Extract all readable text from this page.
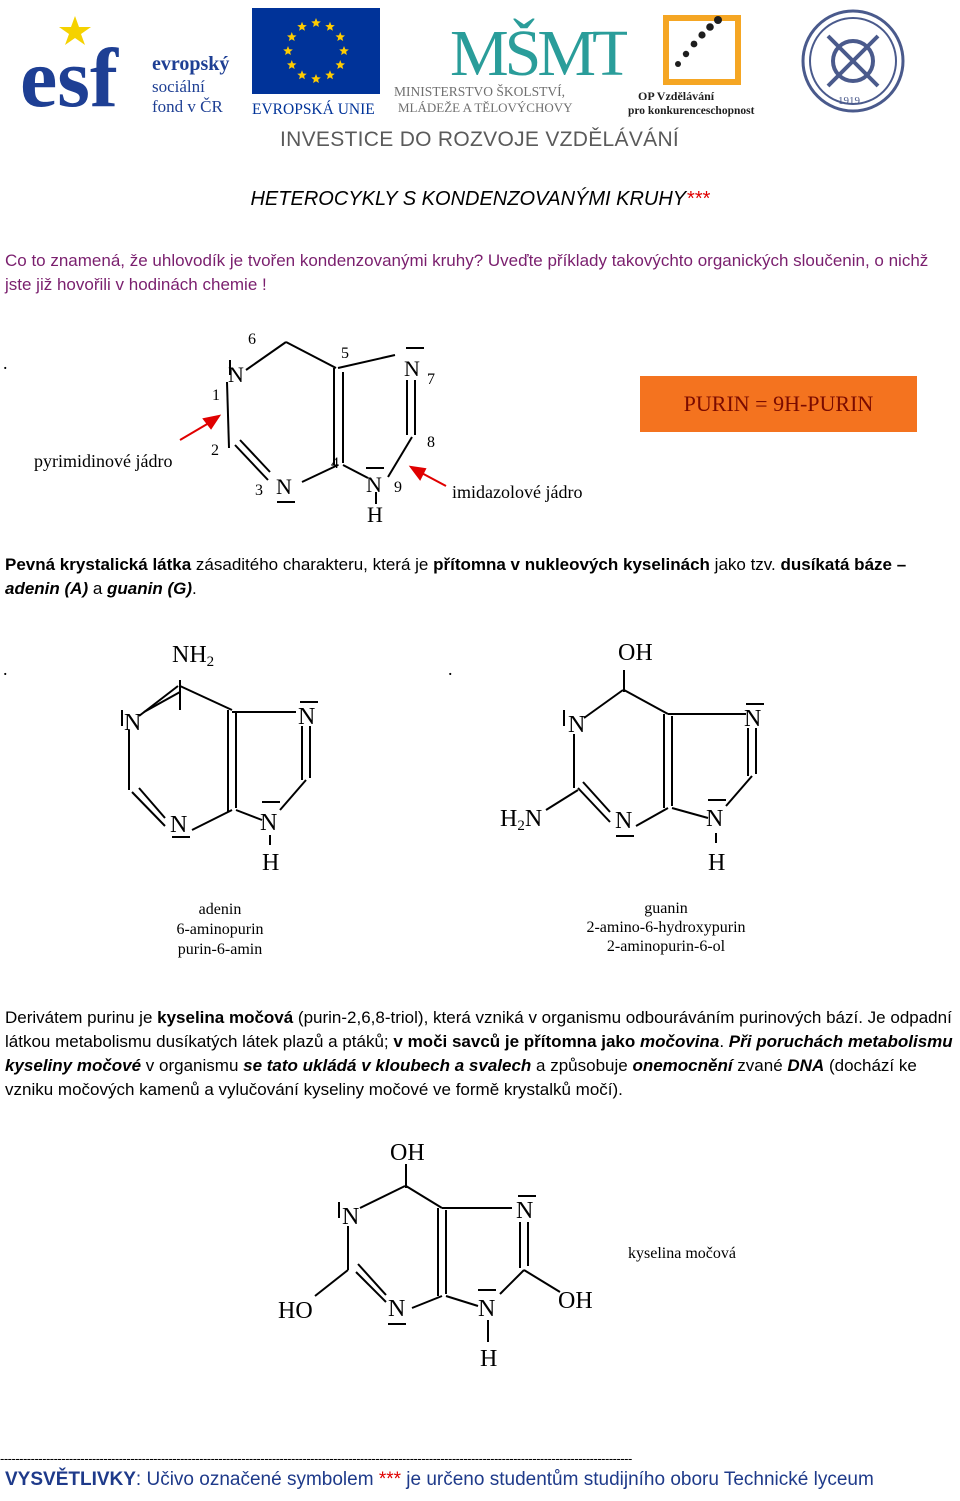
esf evropský
sociální
fond v ČR EVROPSKÁ UNIE
MŠMT
MINISTERSTVO ŠKOLSTVÍ,
MLÁDEŽE A TĚLOVÝCHOVY
OP Vzdělávání
pro konkurenceschopnost
1919
INVESTICE DO ROZVOJE VZDĚLÁVÁNÍ
HETEROCYKLY S KONDENZOVANÝMI KRUHY***
Co to znamená, že uhlovodík je tvořen kondenzovanými kruhy? Uveďte příklady takovýchto organických sloučenin, o nichž jste již hovořili v hodinách chemie !
.	N	N
N	N
H
1
2
3
4
5
6
7
8
9
pyrimidinové jádro
imidazolové jádro
PURIN = 9H-PURIN
Pevná krystalická látka zásaditého charakteru, která je přítomna v nukleových kyselinách jako tzv. dusíkatá báze – adenin (A) a guanin (G).
.
NH2
N	N
N	N
H
adenin
6-aminopurin
purin-6-amin
.
OH
N	N
H2N	N	N
H
guanin
2-amino-6-hydroxypurin
2-aminopurin-6-ol
Derivátem purinu je kyselina močová (purin-2,6,8-triol), která vzniká v organismu odbouráváním purinových bází. Je odpadní látkou metabolismu dusíkatých látek plazů a ptáků; v moči savců je přítomna jako močovina. Při poruchách metabolismu kyseliny močové v organismu se tato ukládá v kloubech a svalech a způsobuje onemocnění zvané DNA (dochází ke vzniku močových kamenů a vylučování kyseliny močové ve formě krystalků močí).
OH
N	N
HO	N	N	OH
H
kyselina močová
---------------------------------------------------------------------------------------------------------------------------------------------------------------------
VYSVĚTLIVKY: Učivo označené symbolem *** je určeno studentům studijního oboru Technické lyceum
